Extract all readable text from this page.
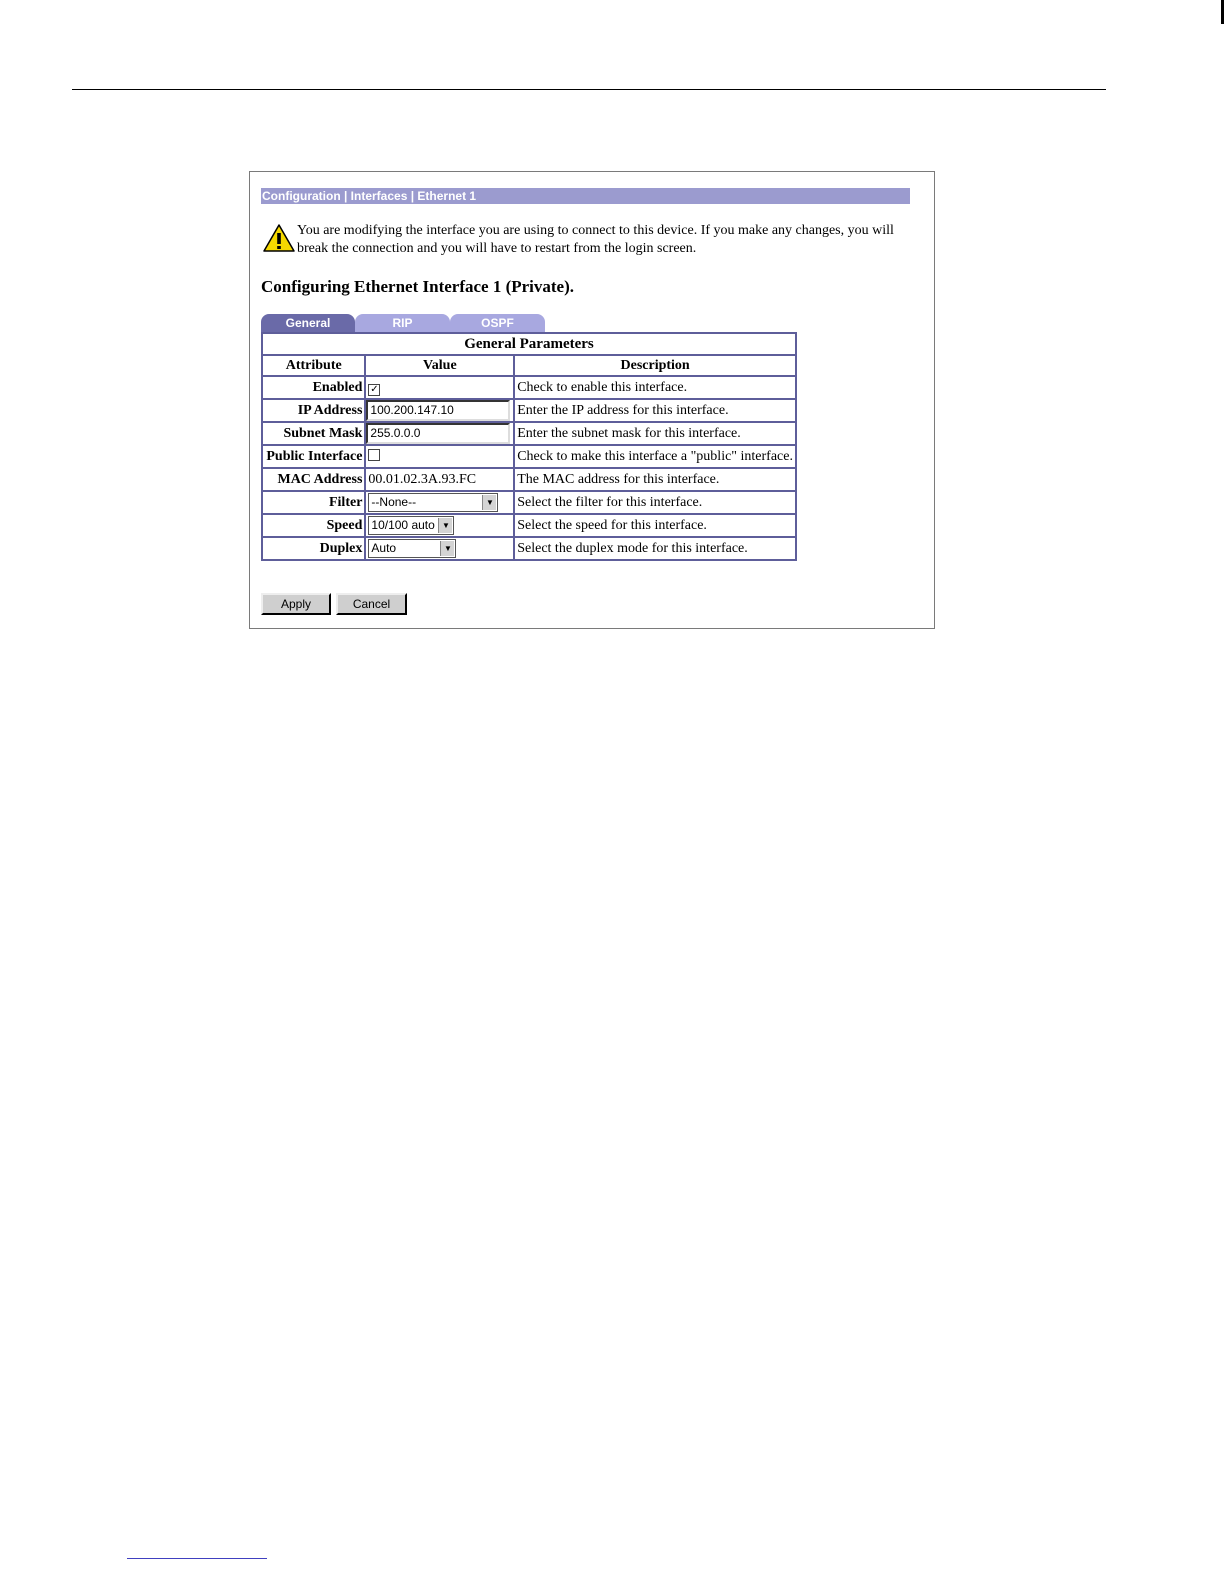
Configuration | Interfaces | Ethernet 1
You are modifying the interface you are using to connect to this device. If you make any changes, you will break the connection and you will have to restart from the login screen.
Configuring Ethernet Interface 1 (Private).
General	RIP	OSPF
General Parameters		
Attribute	Value	Description
Enabled	✓	Check to enable this interface.
IP Address	100.200.147.10	Enter the IP address for this interface.
Subnet Mask	255.0.0.0	Enter the subnet mask for this interface.
Public Interface		Check to make this interface a "public" interface.
MAC Address	00.01.02.3A.93.FC	The MAC address for this interface.
Filter	--None-- ▼	Select the filter for this interface.
Speed	10/100 auto ▼	Select the speed for this interface.
Duplex	Auto ▼	Select the duplex mode for this interface.
Apply	Cancel
